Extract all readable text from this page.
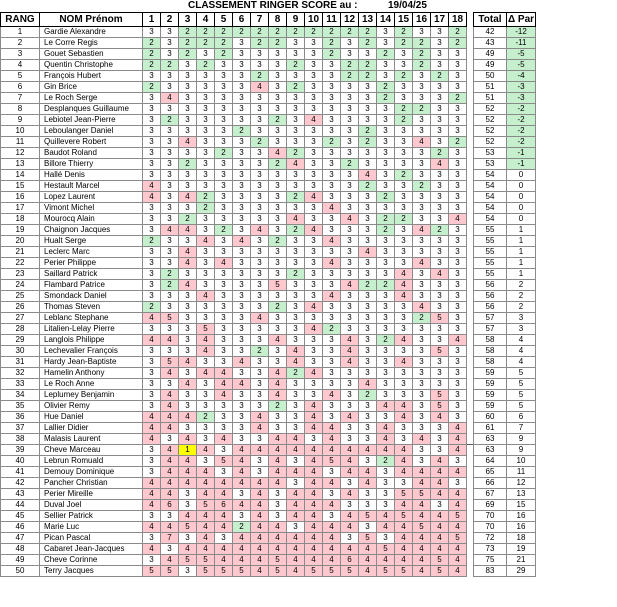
CLASSEMENT RINGER SCORE au :	19/04/25
RANG	NOM Prénom	1	2	3	4	5	6	7	8	9	10	11	12	13	14	15	16	17	18		Total	Δ Par
1	Gardie Alexandre	3	3	2	2	2	2	2	2	2	2	2	2	2	3	2	3	3	2		42	-12
2	Le Corre Regis	2	3	2	2	2	3	2	2	3	3	2	3	2	3	2	2	3	2		43	-11
3	Gouet Sebastien	2	3	2	3	2	3	3	3	3	3	2	3	3	2	3	2	3	3		49	-5
4	Quentin Christophe	2	2	3	2	3	3	3	3	2	3	3	2	2	3	3	2	3	3		49	-5
5	François Hubert	3	3	3	3	3	3	2	3	3	3	3	2	2	3	2	3	2	3		50	-4
6	Gin Brice	2	3	3	3	3	3	4	3	2	3	3	3	3	2	3	3	3	3		51	-3
7	Le Roch Serge	3	4	3	3	3	3	3	3	3	3	3	3	3	2	3	3	3	2		51	-3
8	Desplanques Guillaume	3	3	3	3	3	3	3	3	3	3	3	3	3	3	2	2	3	3		52	-2
9	Lebiotel Jean-Pierre	3	2	3	3	3	3	3	2	3	4	3	3	3	3	2	3	3	3		52	-2
10	Leboulanger Daniel	3	3	3	3	3	2	3	3	3	3	3	3	2	3	3	3	3	3		52	-2
11	Quillevere Robert	3	3	4	3	3	3	2	3	3	3	2	3	2	3	3	4	3	2		52	-2
12	Baudot Roland	3	3	3	3	2	3	3	4	2	3	3	3	3	3	3	3	2	3		53	-1
13	Billore Thierry	3	3	2	3	3	3	3	2	4	3	3	2	3	3	3	3	4	3		53	-1
14	Hallé Denis	3	3	3	3	3	3	3	3	3	3	3	3	4	3	2	3	3	3		54	0
15	Hestault Marcel	4	3	3	3	3	3	3	3	3	3	3	3	2	3	3	2	3	3		54	0
16	Lopez Laurent	4	3	4	2	3	3	3	3	2	4	3	3	3	2	3	3	3	3		54	0
17	Vimont Michel	3	3	3	2	3	3	3	3	3	3	4	3	3	3	3	3	3	3		54	0
18	Mourocq Alain	3	3	2	3	3	3	3	3	4	3	3	4	3	2	2	3	3	4		54	0
19	Chaignon Jacques	3	4	4	3	2	3	4	3	2	4	3	3	3	2	3	4	2	3		55	1
20	Hualt Serge	2	3	3	4	3	4	3	2	3	3	4	3	3	3	3	3	3	3		55	1
21	Leclerc Marc	3	3	4	3	3	3	3	3	3	3	3	3	4	3	3	3	3	3		55	1
22	Perier Philippe	3	3	4	3	4	3	3	3	3	3	4	3	3	3	3	4	3	3		55	1
23	Saillard Patrick	3	2	3	3	3	3	3	3	2	3	3	3	3	3	4	3	4	3		55	1
24	Flambard Patrice	3	2	4	3	3	3	3	5	3	3	3	4	2	2	4	3	3	3		56	2
25	Smondack Daniel	3	3	3	4	3	3	3	3	3	3	4	3	3	3	4	3	3	3		56	2
26	Thomas Steven	2	3	3	3	3	3	3	2	3	4	3	3	3	3	3	4	3	3		56	2
27	Leblanc Stephane	4	5	3	3	3	3	4	3	3	3	3	3	3	3	3	2	5	3		57	3
28	Litalien-Lelay Pierre	3	3	3	5	3	3	3	3	3	4	2	3	3	3	3	3	3	3		57	3
29	Langlois Philippe	4	4	3	4	3	3	3	4	3	3	3	4	3	2	4	3	3	4		58	4
30	Lechevalier François	3	3	3	4	3	3	2	3	4	3	3	4	3	3	3	3	5	3		58	4
31	Hardy Jean-Baptiste	3	5	4	3	3	4	3	3	4	3	3	4	3	3	4	3	3	3		58	4
32	Hamelin Anthony	3	4	3	4	4	3	3	4	2	4	3	3	3	3	3	3	3	3		59	5
33	Le Roch Anne	3	3	4	3	4	4	3	4	3	3	3	3	4	3	3	3	3	3		59	5
34	Leplumey Benjamin	3	4	3	3	4	3	3	4	3	3	4	3	2	3	3	3	5	3		59	5
35	Olivier Remy	3	4	3	3	3	3	3	2	3	4	3	3	3	4	4	3	5	3		59	5
36	Hue Daniel	4	4	4	2	3	3	4	3	3	4	3	4	3	3	4	3	4	3		60	6
37	Lallier Didier	4	4	3	3	3	3	4	3	3	4	4	3	3	4	3	3	3	4		61	7
38	Malasis Laurent	4	3	4	3	4	3	3	4	4	3	4	3	3	4	3	4	3	4		63	9
39	Cheve Marceau	3	4	1	4	3	4	4	4	4	4	4	4	4	4	4	3	3	4		63	9
40	Lebrun Romuald	3	4	4	3	5	4	3	4	3	4	5	4	3	2	4	3	4	3		64	10
41	Demouy Dominique	3	4	4	4	3	4	3	4	4	4	3	4	4	3	4	4	4	4		65	11
42	Pancher Christian	4	4	4	4	4	4	4	4	3	4	4	3	4	3	3	4	4	3		66	12
43	Perier Mireille	4	4	3	4	4	3	4	3	4	4	3	4	3	3	5	5	4	4		67	13
44	Duval Joel	4	6	3	5	6	4	4	3	4	4	4	3	3	3	4	4	3	4		69	15
45	Sellier Patrick	3	3	4	4	4	3	4	3	4	4	3	4	5	4	5	4	4	5		70	16
46	Marie Luc	4	4	5	4	4	2	4	4	3	4	4	4	3	4	4	5	4	4		70	16
47	Pican Pascal	3	7	3	4	3	4	4	4	4	4	4	3	5	3	4	4	4	5		72	18
48	Cabaret Jean-Jacques	4	3	4	4	4	4	4	4	4	4	4	4	4	5	4	4	4	4		73	19
49	Cheve Corinne	3	4	5	5	4	4	4	5	4	4	4	6	4	4	4	4	5	4		75	21
50	Terry Jacques	5	5	3	5	5	5	4	5	4	5	5	5	4	5	5	4	5	4		83	29
